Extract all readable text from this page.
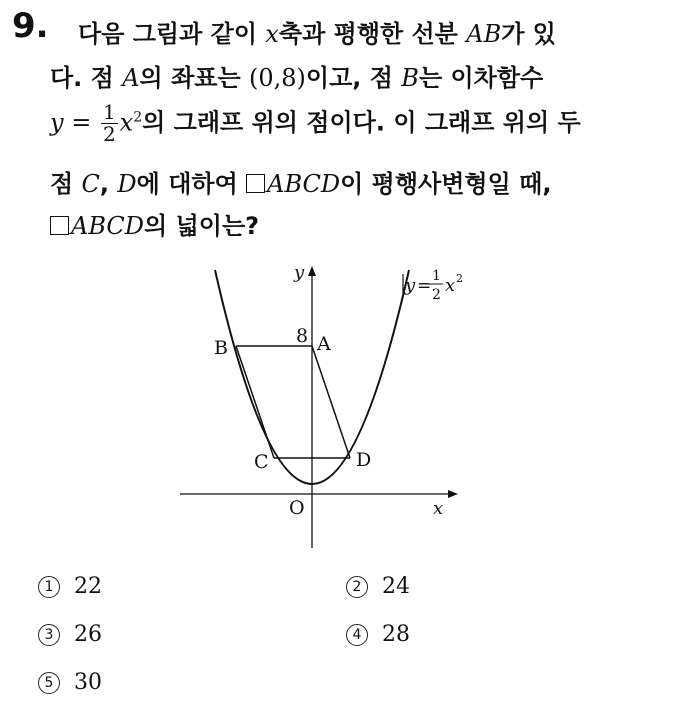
9. 다음 그림과 같이 x축과 평행한 선분 AB가 있
다. 점 A의 좌표는 (0,8)이고, 점 B는 이차함수
$y = \frac{1}{2} x^2$의 그래프 위의 점이다. 이 그래프 위의 두
점 C, D에 대하여 ABCD이 평행사변형일 때,
ABCD의 넓이는?
y
x
O
8 A
B
C	D
y = 1
2 x 2
1 22	2 24
3 26	4 28
5 30
